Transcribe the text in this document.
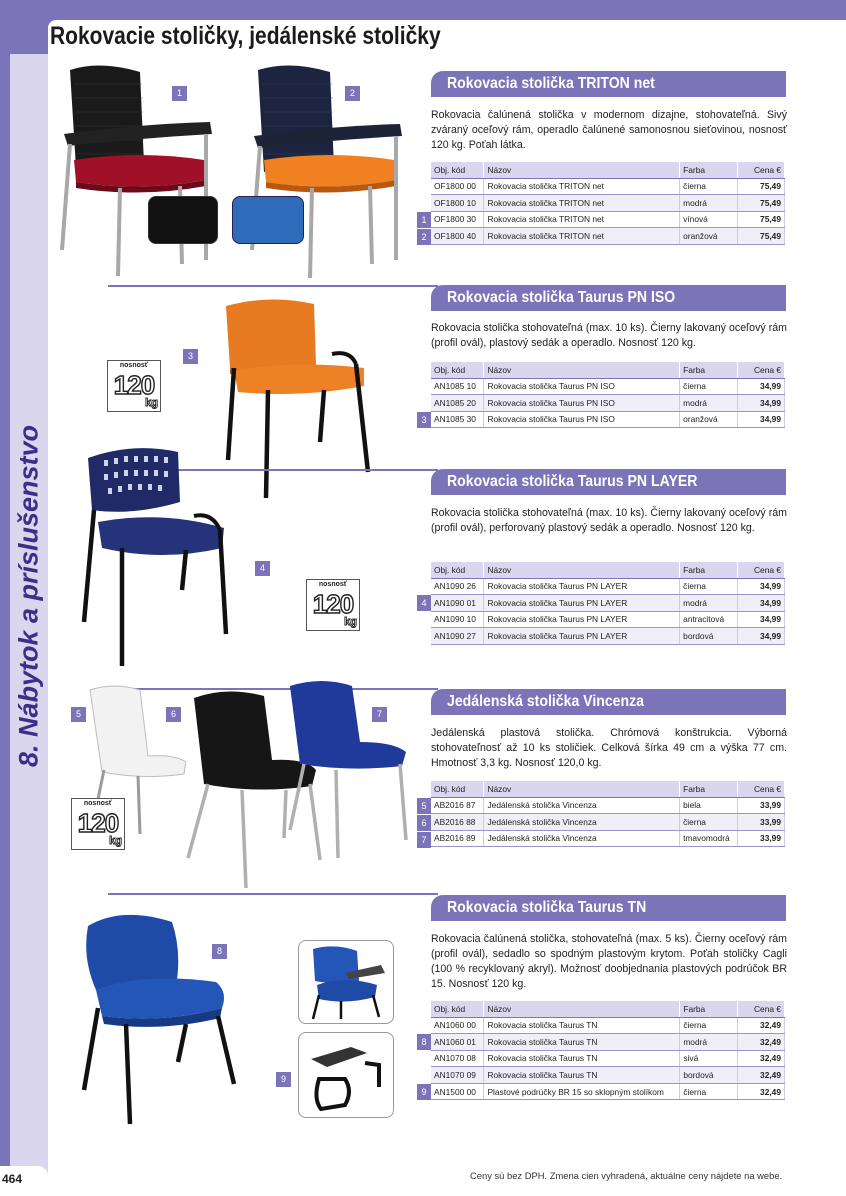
Rokovacie stoličky, jedálenské stoličky
8. Nábytok a príslušenstvo
464
1	2
Rokovacia stolička TRITON net
Rokovacia čalúnená stolička v modernom dizajne, stohovateľná. Sivý zváraný oceľový rám, operadlo čalúnené samonosnou sieťovinou, nosnosť 120 kg. Poťah látka.
Obj. kód	Názov	Farba	Cena €
OF1800 00	Rokovacia stolička TRITON net	čierna	75,49
OF1800 10	Rokovacia stolička TRITON net	modrá	75,49
OF1800 30	Rokovacia stolička TRITON net	vínová	75,49
OF1800 40	Rokovacia stolička TRITON net	oranžová	75,49
1
2
nosnosť
120
kg
3
Rokovacia stolička Taurus PN ISO
Rokovacia stolička stohovateľná (max. 10 ks). Čierny lakovaný oceľový rám (profil ovál), plastový sedák a operadlo. Nosnosť 120 kg.
Obj. kód	Názov	Farba	Cena €
AN1085 10	Rokovacia stolička Taurus PN ISO	čierna	34,99
AN1085 20	Rokovacia stolička Taurus PN ISO	modrá	34,99
AN1085 30	Rokovacia stolička Taurus PN ISO	oranžová	34,99
3
4
nosnosť
120
kg
Rokovacia stolička Taurus PN LAYER
Rokovacia stolička stohovateľná (max. 10 ks). Čierny lakovaný oceľový rám (profil ovál), perforovaný plastový sedák a operadlo. Nosnosť 120 kg.
Obj. kód	Názov	Farba	Cena €
AN1090 26	Rokovacia stolička Taurus PN LAYER	čierna	34,99
AN1090 01	Rokovacia stolička Taurus PN LAYER	modrá	34,99
AN1090 10	Rokovacia stolička Taurus PN LAYER	antracitová	34,99
AN1090 27	Rokovacia stolička Taurus PN LAYER	bordová	34,99
4
5	6	7
nosnosť
120
kg
Jedálenská stolička Vincenza
Jedálenská plastová stolička. Chrómová konštrukcia. Výborná stohovateľnosť až 10 ks stoličiek. Celková šírka 49 cm a výška 77 cm. Hmotnosť 3,3 kg. Nosnosť 120,0 kg.
Obj. kód	Názov	Farba	Cena €
AB2016 87	Jedálenská stolička Vincenza	biela	33,99
AB2016 88	Jedálenská stolička Vincenza	čierna	33,99
AB2016 89	Jedálenská stolička Vincenza	tmavomodrá	33,99
5
6
7
8
9
Rokovacia stolička Taurus TN
Rokovacia čalúnená stolička, stohovateľná (max. 5 ks). Čierny oceľový rám (profil ovál), sedadlo so spodným plastovým krytom. Poťah stoličky Cagli (100 % recyklovaný akryl). Možnosť doobjednania plastových podrúčok BR 15. Nosnosť 120 kg.
Obj. kód	Názov	Farba	Cena €
AN1060 00	Rokovacia stolička Taurus TN	čierna	32,49
AN1060 01	Rokovacia stolička Taurus TN	modrá	32,49
AN1070 08	Rokovacia stolička Taurus TN	sivá	32,49
AN1070 09	Rokovacia stolička Taurus TN	bordová	32,49
AN1500 00	Plastové podrúčky BR 15 so sklopným stolíkom	čierna	32,49
8
9
Ceny sú bez DPH. Zmena cien vyhradená, aktuálne ceny nájdete na webe.
